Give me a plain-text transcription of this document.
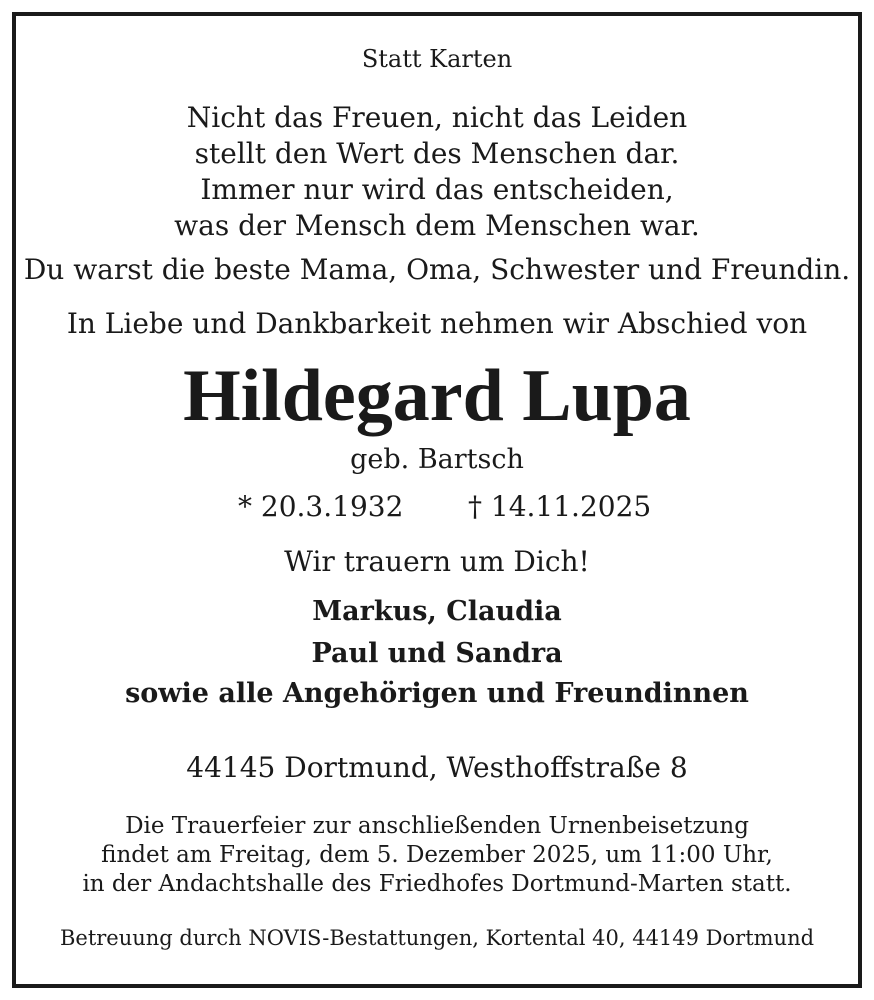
Statt Karten

Nicht das Freuen, nicht das Leiden
stellt den Wert des Menschen dar.
Immer nur wird das entscheiden,
was der Mensch dem Menschen war.

Du warst die beste Mama, Oma, Schwester und Freundin.

In Liebe und Dankbarkeit nehmen wir Abschied von

Hildegard Lupa

geb. Bartsch

* 20.3.1932 † 14.11.2025

Wir trauern um Dich!

Markus, Claudia

Paul und Sandra

sowie alle Angehörigen und Freundinnen

44145 Dortmund, Westhoffstraße 8

Die Trauerfeier zur anschließenden Urnenbeisetzung
findet am Freitag, dem 5. Dezember 2025, um 11:00 Uhr,
in der Andachtshalle des Friedhofes Dortmund-Marten statt.

Betreuung durch NOVIS-Bestattungen, Kortental 40, 44149 Dortmund
